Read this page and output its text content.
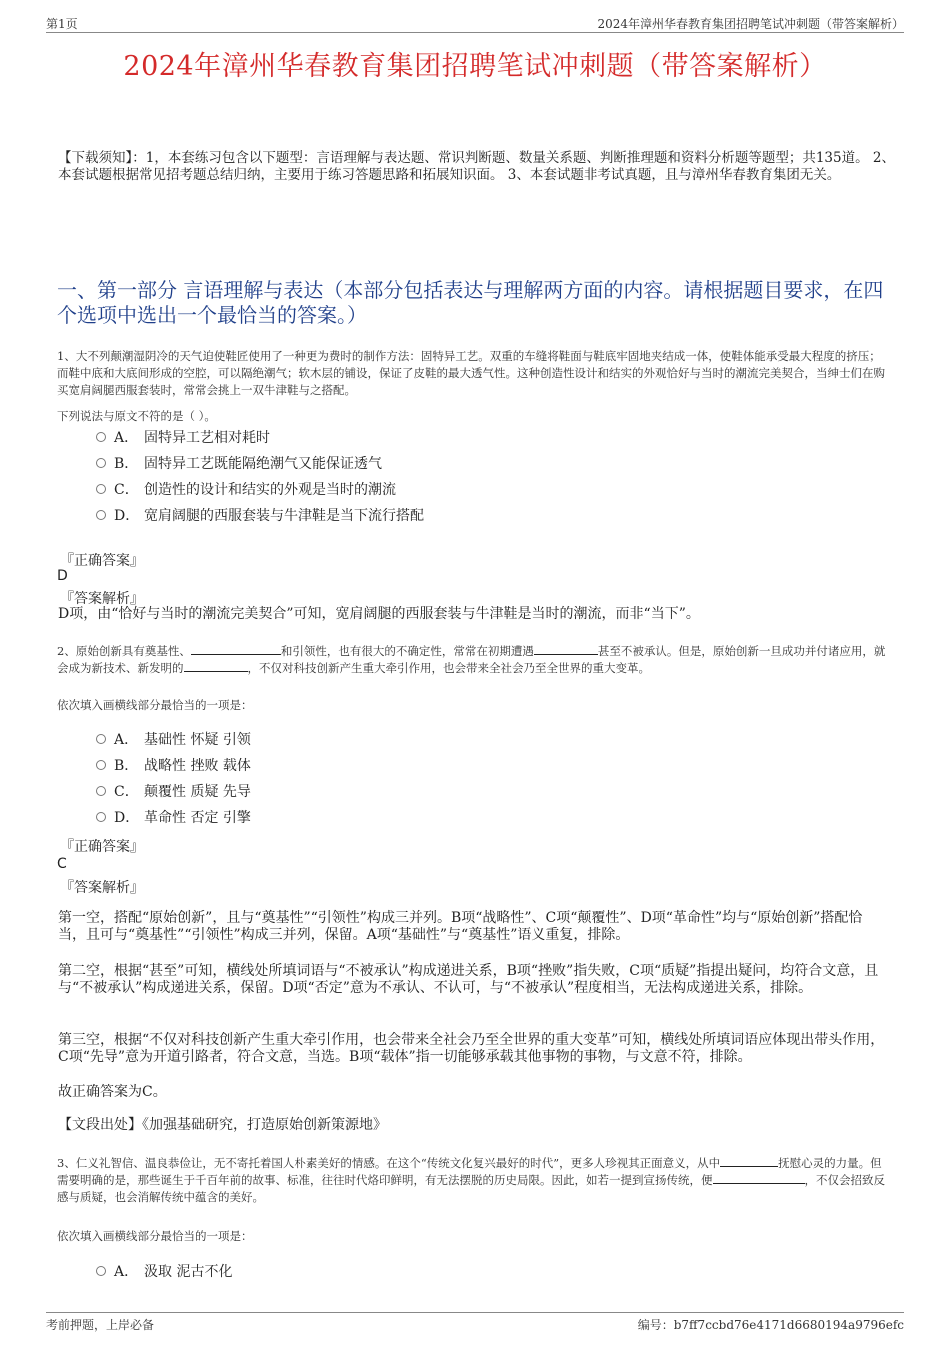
第1页	2024年漳州华春教育集团招聘笔试冲刺题（带答案解析）
2024年漳州华春教育集团招聘笔试冲刺题（带答案解析）
【下载须知】：1，本套练习包含以下题型：言语理解与表达题、常识判断题、数量关系题、判断推理题和资料分析题等题型；共135道。 2、本套试题根据常见招考题总结归纳，主要用于练习答题思路和拓展知识面。 3、本套试题非考试真题，且与漳州华春教育集团无关。
一、第一部分 言语理解与表达（本部分包括表达与理解两方面的内容。请根据题目要求，在四个选项中选出一个最恰当的答案。）
1、大不列颠潮湿阴冷的天气迫使鞋匠使用了一种更为费时的制作方法：固特异工艺。双重的车缝将鞋面与鞋底牢固地夹结成一体，使鞋体能承受最大程度的挤压；而鞋中底和大底间形成的空腔，可以隔绝潮气；软木层的铺设，保证了皮鞋的最大透气性。这种创造性设计和结实的外观恰好与当时的潮流完美契合，当绅士们在购买宽肩阔腿西服套装时，常常会挑上一双牛津鞋与之搭配。
下列说法与原文不符的是（ ）。
A． 固特异工艺相对耗时
B． 固特异工艺既能隔绝潮气又能保证透气
C． 创造性的设计和结实的外观是当时的潮流
D． 宽肩阔腿的西服套装与牛津鞋是当下流行搭配
『正确答案』
D
『答案解析』
D项，由“恰好与当时的潮流完美契合”可知，宽肩阔腿的西服套装与牛津鞋是当时的潮流，而非“当下”。
2、原始创新具有奠基性、	和引领性，也有很大的不确定性，常常在初期遭遇	甚至不被承认。但是，原始创新一旦成功并付诸应用，就会成为新技术、新发明的	，不仅对科技创新产生重大牵引作用，也会带来全社会乃至全世界的重大变革。
依次填入画横线部分最恰当的一项是：
A． 基础性 怀疑 引领
B． 战略性 挫败 载体
C． 颠覆性 质疑 先导
D． 革命性 否定 引擎
『正确答案』
C
『答案解析』
第一空，搭配“原始创新”，且与“奠基性”“引领性”构成三并列。B项“战略性”、C项“颠覆性”、D项“革命性”均与“原始创新”搭配恰当，且可与“奠基性”“引领性”构成三并列，保留。A项“基础性”与“奠基性”语义重复，排除。
第二空，根据“甚至”可知，横线处所填词语与“不被承认”构成递进关系，B项“挫败”指失败，C项“质疑”指提出疑问，均符合文意，且与“不被承认”构成递进关系，保留。D项“否定”意为不承认、不认可，与“不被承认”程度相当，无法构成递进关系，排除。
第三空，根据“不仅对科技创新产生重大牵引作用，也会带来全社会乃至全世界的重大变革”可知，横线处所填词语应体现出带头作用，C项“先导”意为开道引路者，符合文意，当选。B项“载体”指一切能够承载其他事物的事物，与文意不符，排除。
故正确答案为C。
【文段出处】《加强基础研究，打造原始创新策源地》
3、仁义礼智信、温良恭俭让，无不寄托着国人朴素美好的情感。在这个“传统文化复兴最好的时代”，更多人珍视其正面意义，从中	抚慰心灵的力量。但需要明确的是，那些诞生于千百年前的故事、标准，往往时代烙印鲜明，有无法摆脱的历史局限。因此，如若一提到宣扬传统，便	，不仅会招致反感与质疑，也会消解传统中蕴含的美好。
依次填入画横线部分最恰当的一项是：
A． 汲取 泥古不化
考前押题，上岸必备	编号：b7ff7ccbd76e4171d6680194a9796efc
